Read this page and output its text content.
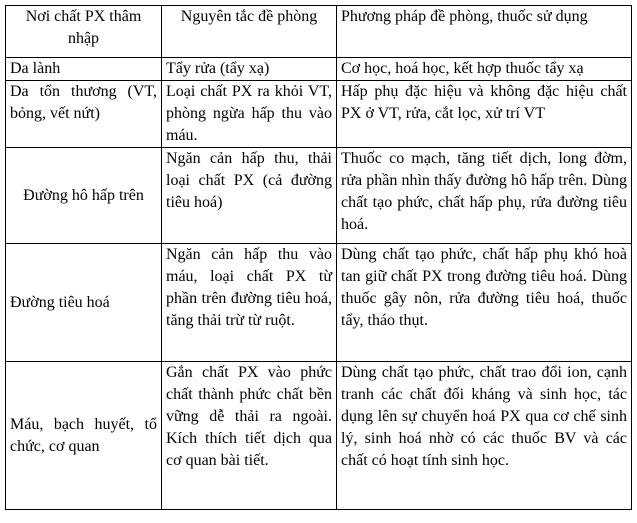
Nơi chất PX thâm nhập	Nguyên tắc đề phòng	Phương pháp đề phòng, thuốc sử dụng
Da lành	Tẩy rửa (tẩy xạ)	Cơ học, hoá học, kết hợp thuốc tẩy xạ
Da tổn thương (VT, bỏng, vết nứt)	Loại chất PX ra khỏi VT, phòng ngừa hấp thu vào máu.	Hấp phụ đặc hiệu và không đặc hiệu chất PX ở VT, rửa, cắt lọc, xử trí VT
Đường hô hấp trên	Ngăn cản hấp thu, thải loại chất PX (cả đường tiêu hoá)	Thuốc co mạch, tăng tiết dịch, long đờm, rửa phần nhìn thấy đường hô hấp trên. Dùng chất tạo phức, chất hấp phụ, rửa đường tiêu hoá.
Đường tiêu hoá	Ngăn cản hấp thu vào máu, loại chất PX từ phần trên đường tiêu hoá, tăng thải trừ từ ruột.	Dùng chất tạo phức, chất hấp phụ khó hoà tan giữ chất PX trong đường tiêu hoá. Dùng thuốc gây nôn, rửa đường tiêu hoá, thuốc tẩy, tháo thụt.
Máu, bạch huyết, tổ chức, cơ quan	Gắn chất PX vào phức chất thành phức chất bền vững dễ thải ra ngoài. Kích thích tiết dịch qua cơ quan bài tiết.	Dùng chất tạo phức, chất trao đổi ion, cạnh tranh các chất đối kháng và sinh học, tác dụng lên sự chuyển hoá PX qua cơ chế sinh lý, sinh hoá nhờ có các thuốc BV và các chất có hoạt tính sinh học.
